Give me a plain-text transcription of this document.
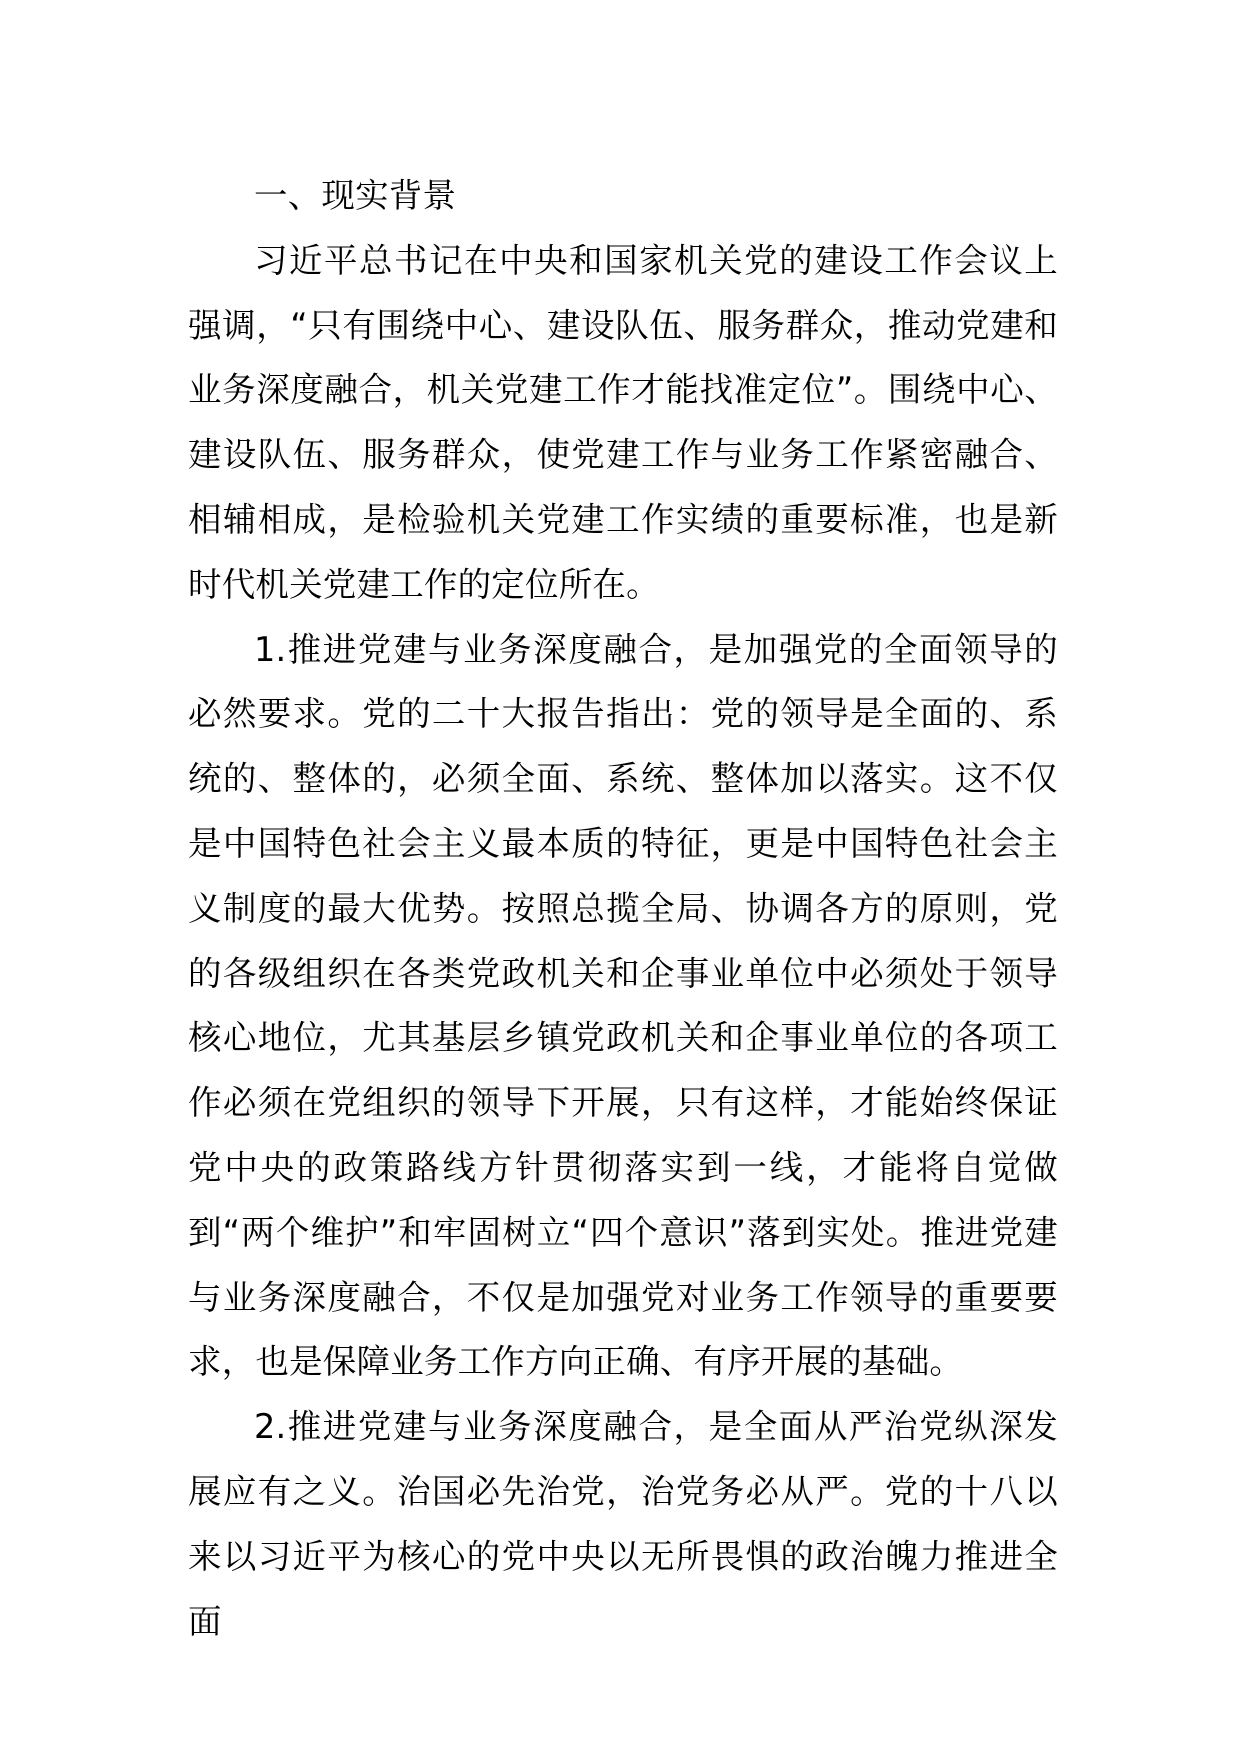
一、现实背景

习近平总书记在中央和国家机关党的建设工作会议上强调，“只有围绕中心、建设队伍、服务群众，推动党建和业务深度融合，机关党建工作才能找准定位”。围绕中心、建设队伍、服务群众，使党建工作与业务工作紧密融合、相辅相成，是检验机关党建工作实绩的重要标准，也是新时代机关党建工作的定位所在。

1.推进党建与业务深度融合，是加强党的全面领导的必然要求。党的二十大报告指出：党的领导是全面的、系统的、整体的，必须全面、系统、整体加以落实。这不仅是中国特色社会主义最本质的特征，更是中国特色社会主义制度的最大优势。按照总揽全局、协调各方的原则，党的各级组织在各类党政机关和企事业单位中必须处于领导核心地位，尤其基层乡镇党政机关和企事业单位的各项工作必须在党组织的领导下开展，只有这样，才能始终保证党中央的政策路线方针贯彻落实到一线，才能将自觉做到“两个维护”和牢固树立“四个意识”落到实处。推进党建与业务深度融合，不仅是加强党对业务工作领导的重要要求，也是保障业务工作方向正确、有序开展的基础。

2.推进党建与业务深度融合，是全面从严治党纵深发展应有之义。治国必先治党，治党务必从严。党的十八以来以习近平为核心的党中央以无所畏惧的政治魄力推进全面
